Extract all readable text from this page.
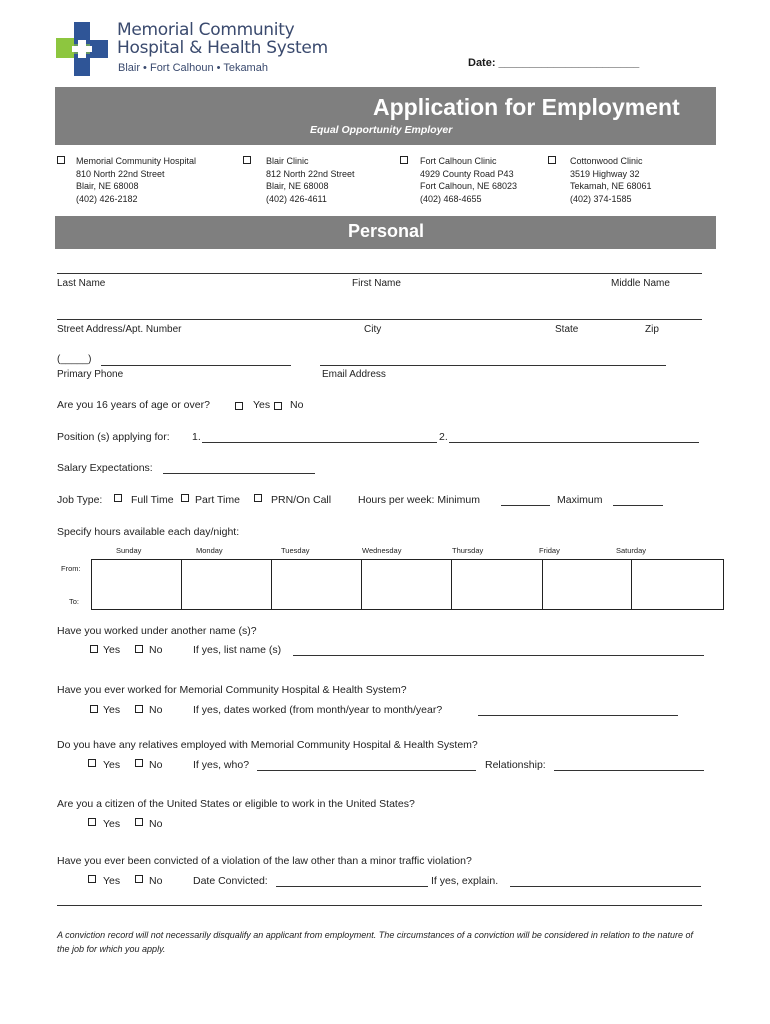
Memorial Community
Hospital & Health System
Blair • Fort Calhoun • Tekamah	Date: _______________________
Application for Employment
Equal Opportunity Employer
Memorial Community Hospital
810 North 22nd Street
Blair, NE 68008
(402) 426-2182
Blair Clinic
812 North 22nd Street
Blair, NE 68008
(402) 426-4611
Fort Calhoun Clinic
4929 County Road P43
Fort Calhoun, NE 68023
(402) 468-4655
Cottonwood Clinic
3519 Highway 32
Tekamah, NE 68061
(402) 374-1585
Personal
Last Name	First Name	Middle Name
Street Address/Apt. Number	City	State	Zip
(_____)
Primary Phone	Email Address
Are you 16 years of age or over?	Yes No
Position (s) applying for: 1.	2.
Salary Expectations:
Job Type:	Full Time Part Time	PRN/On Call	Hours per week: Minimum	Maximum
Specify hours available each day/night:
Sunday	Monday	Tuesday	Wednesday	Thursday	Friday	Saturday
From:
To:

Have you worked under another name (s)?
Yes	No	If yes, list name (s)
Have you ever worked for Memorial Community Hospital & Health System?
Yes	No	If yes, dates worked (from month/year to month/year?
Do you have any relatives employed with Memorial Community Hospital & Health System?
Yes	No	If yes, who?	Relationship:
Are you a citizen of the United States or eligible to work in the United States?
Yes	No
Have you ever been convicted of a violation of the law other than a minor traffic violation?
Yes	No	Date Convicted:	If yes, explain.
A conviction record will not necessarily disqualify an applicant from employment. The circumstances of a conviction will be considered in relation to the nature of the job for which you apply.
